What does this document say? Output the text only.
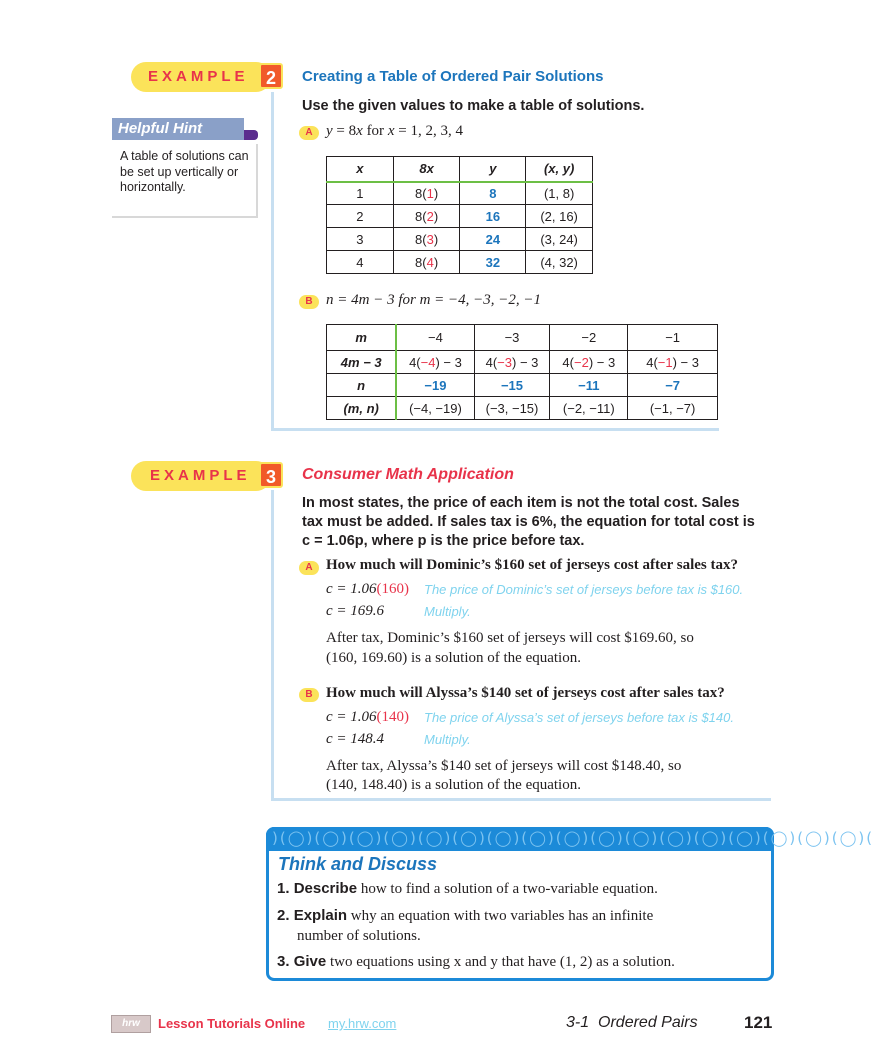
EXAMPLE 2	Creating a Table of Ordered Pair Solutions
Use the given values to make a table of solutions.
Helpful Hint
A table of solutions can be set up vertically or horizontally.
A y = 8x for x = 1, 2, 3, 4
x	8x	y	(x, y)
1	8(1)	8	(1, 8)
2	8(2)	16	(2, 16)
3	8(3)	24	(3, 24)
4	8(4)	32	(4, 32)
B n = 4m − 3 for m = −4, −3, −2, −1
m	−4	−3	−2	−1
4m − 3	4(−4) − 3	4(−3) − 3	4(−2) − 3	4(−1) − 3
n	−19	−15	−11	−7
(m, n)	(−4, −19)	(−3, −15)	(−2, −11)	(−1, −7)
EXAMPLE 3	Consumer Math Application
In most states, the price of each item is not the total cost. Sales
tax must be added. If sales tax is 6%, the equation for total cost is
c = 1.06p, where p is the price before tax.
A How much will Dominic’s $160 set of jerseys cost after sales tax?
c = 1.06(160) The price of Dominic’s set of jerseys before tax is $160.
c = 169.6	Multiply.
After tax, Dominic’s $160 set of jerseys will cost $169.60, so
(160, 169.60) is a solution of the equation.
B How much will Alyssa’s $140 set of jerseys cost after sales tax?
c = 1.06(140) The price of Alyssa’s set of jerseys before tax is $140.
c = 148.4	Multiply.
After tax, Alyssa’s $140 set of jerseys will cost $148.40, so
(140, 148.40) is a solution of the equation.
)(◯)(◯)(◯)(◯)(◯)(◯)(◯)(◯)(◯)(◯)(◯)(◯)(◯)(◯)(◯)(◯)(◯)(
Think and Discuss
1. Describe how to find a solution of a two-variable equation.
2. Explain why an equation with two variables has an infinite
number of solutions.
3. Give two equations using x and y that have (1, 2) as a solution.
hrw	Lesson Tutorials Online my.hrw.com	3-1  Ordered Pairs	121
